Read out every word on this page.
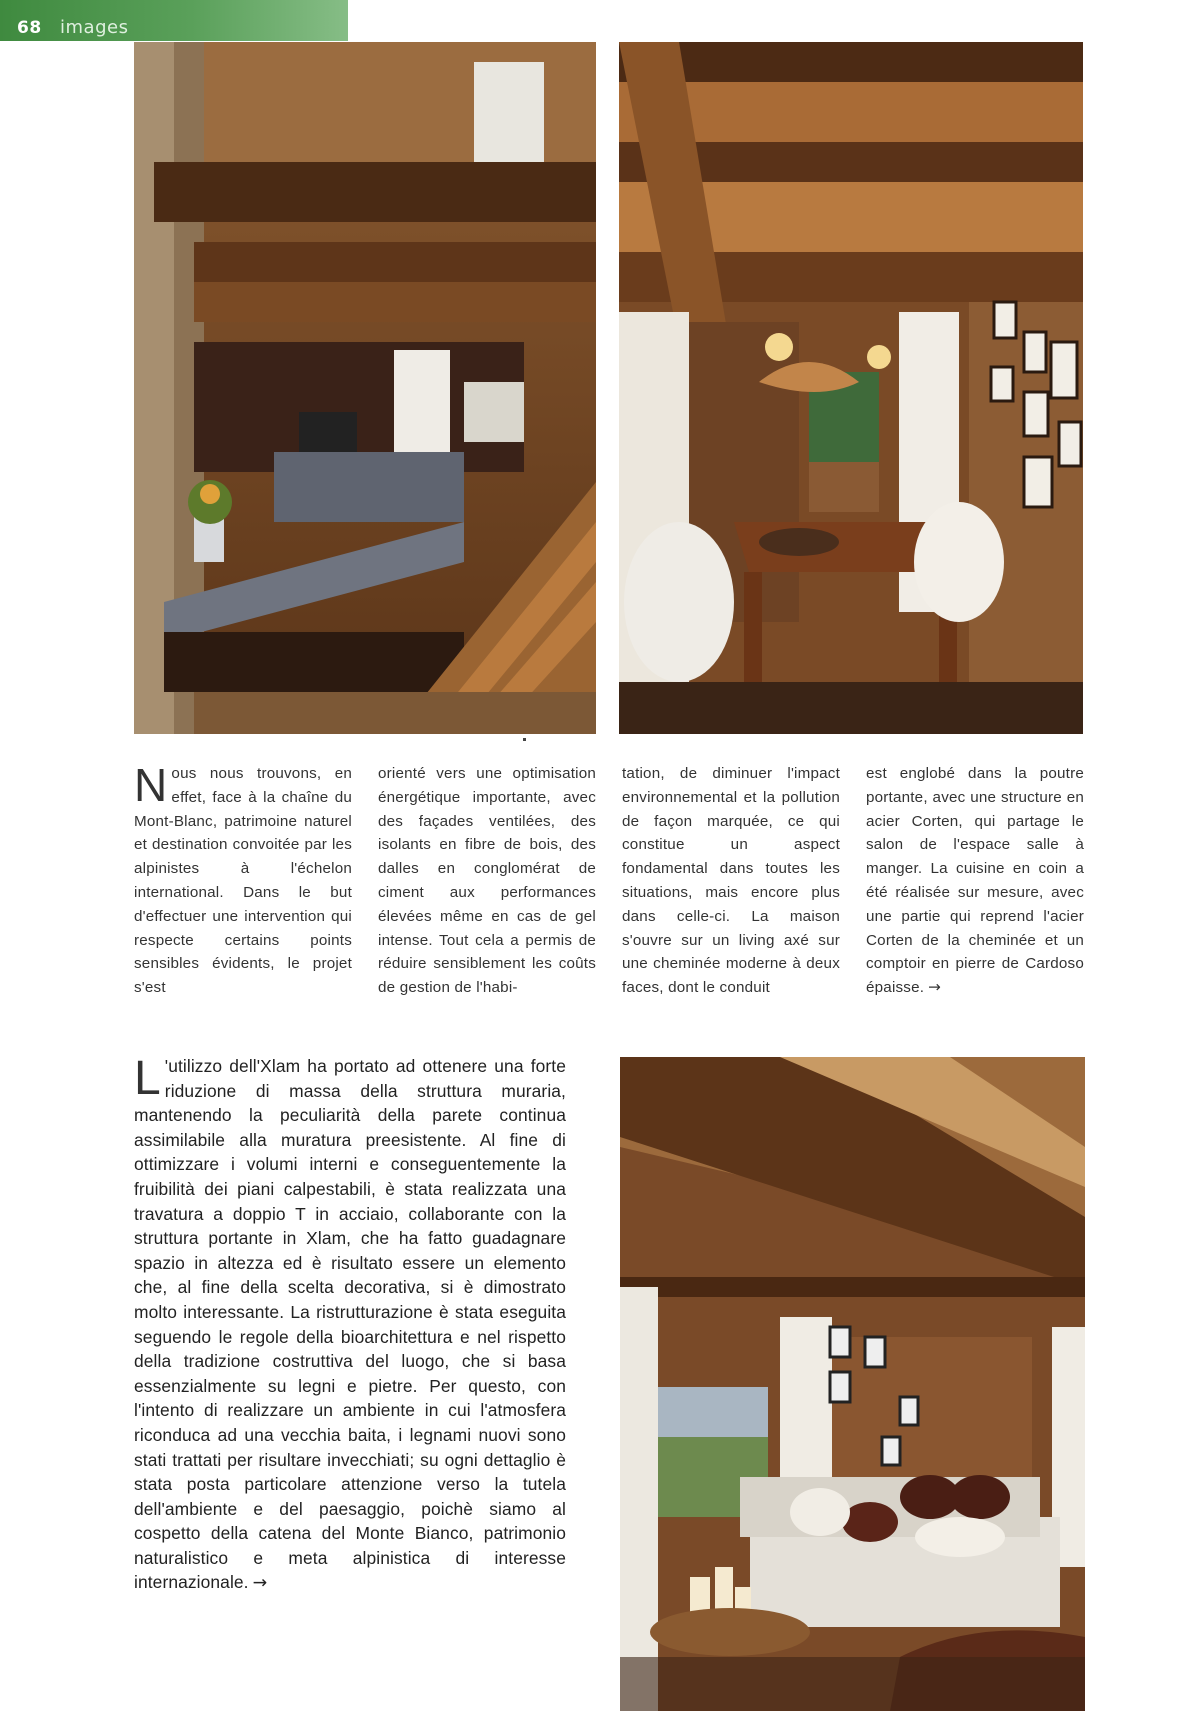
68 images
Nous nous trouvons, en effet, face à la chaîne du Mont-Blanc, patrimoine naturel et destination convoitée par les alpinistes à l'échelon international. Dans le but d'effectuer une intervention qui respecte certains points sensibles évidents, le projet s'est
orienté vers une optimisation énergétique importante, avec des façades ventilées, des isolants en fibre de bois, des dalles en conglomérat de ciment aux performances élevées même en cas de gel intense. Tout cela a permis de réduire sensiblement les coûts de gestion de l'habi-
tation, de diminuer l'impact environnemental et la pollution de façon marquée, ce qui constitue un aspect fondamental dans toutes les situations, mais encore plus dans celle-ci. La maison s'ouvre sur un living axé sur une cheminée moderne à deux faces, dont le conduit
est englobé dans la poutre portante, avec une structure en acier Corten, qui partage le salon de l'espace salle à manger. La cuisine en coin a été réalisée sur mesure, avec une partie qui reprend l'acier Corten de la cheminée et un comptoir en pierre de Cardoso épaisse. →
L 'utilizzo dell'Xlam ha portato ad ottenere una forte riduzione di massa della struttura muraria, mantenendo la peculiarità della parete continua assimilabile alla muratura preesistente. Al fine di ottimizzare i volumi interni e conseguentemente la fruibilità dei piani calpestabili, è stata realizzata una travatura a doppio T in acciaio, collaborante con la struttura portante in Xlam, che ha fatto guadagnare spazio in altezza ed è risultato essere un elemento che, al fine della scelta decorativa, si è dimostrato molto interessante. La ristrutturazione è stata eseguita seguendo le regole della bioarchitettura e nel rispetto della tradizione costruttiva del luogo, che si basa essenzialmente su legni e pietre. Per questo, con l'intento di realizzare un ambiente in cui l'atmosfera riconduca ad una vecchia baita, i legnami nuovi sono stati trattati per risultare invecchiati; su ogni dettaglio è stata posta particolare attenzione verso la tutela dell'ambiente e del paesaggio, poichè siamo al cospetto della catena del Monte Bianco, patrimonio naturalistico e meta alpinistica di interesse internazionale. →
